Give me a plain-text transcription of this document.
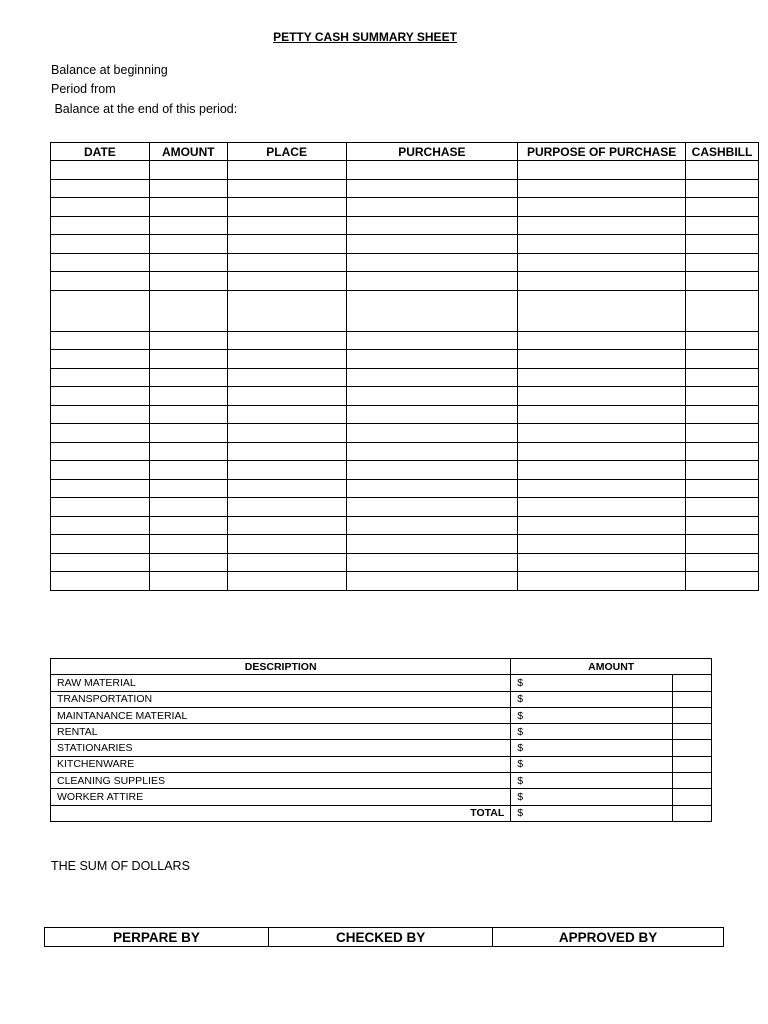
PETTY CASH SUMMARY SHEET
Balance at beginning
Period from
Balance at the end of this period:
DATE	AMOUNT	PLACE	PURCHASE	PURPOSE OF PURCHASE	CASHBILL

DESCRIPTION	AMOUNT		
RAW MATERIAL	$		
TRANSPORTATION	$		
MAINTANANCE MATERIAL	$		
RENTAL	$		
STATIONARIES	$		
KITCHENWARE	$		
CLEANING SUPPLIES	$		
WORKER ATTIRE	$		
TOTAL	$		
THE SUM OF DOLLARS
PERPARE BY	CHECKED BY	APPROVED BY
